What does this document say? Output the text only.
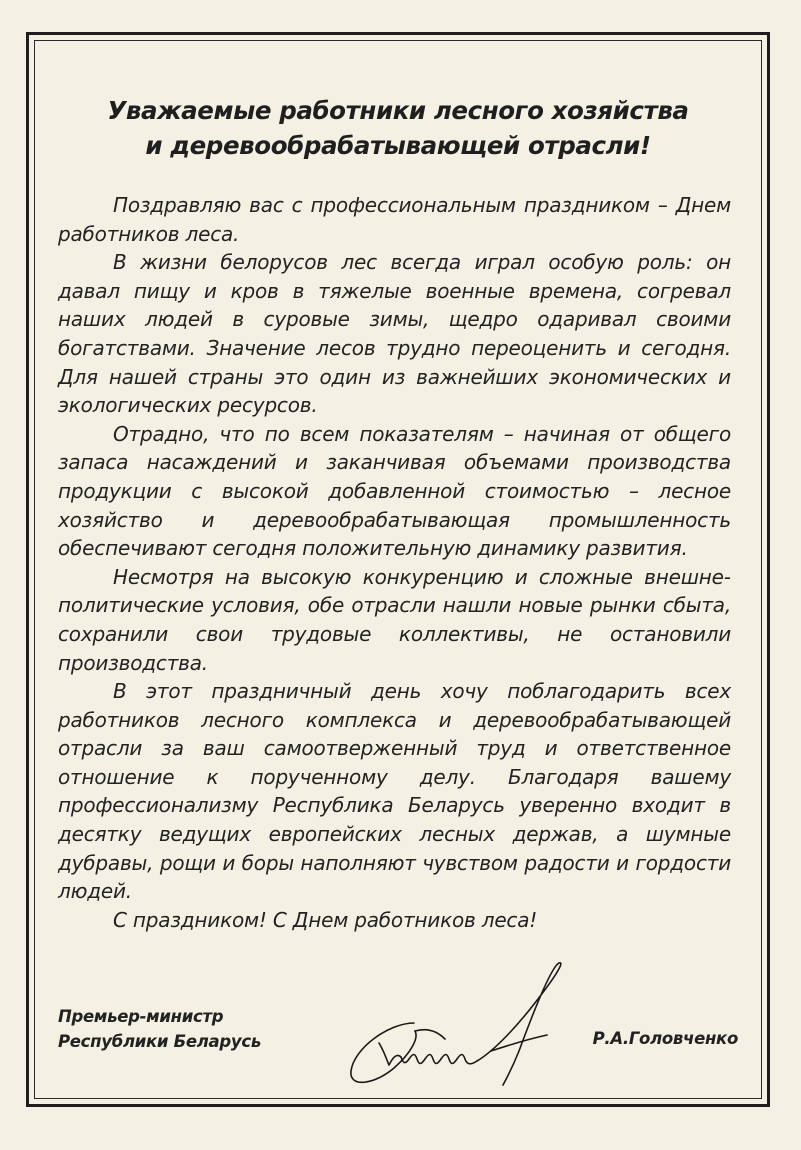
Уважаемые работники лесного хозяйства
и деревообрабатывающей отрасли!

Поздравляю вас с профессиональным праздником – Днем работников леса.

В жизни белорусов лес всегда играл особую роль: он давал пищу и кров в тяжелые военные времена, согревал наших людей в суровые зимы, щедро одаривал своими богатствами. Значение лесов трудно переоценить и сегодня. Для нашей страны это один из важнейших экономических и экологических ресурсов.

Отрадно, что по всем показателям – начиная от общего запаса насаждений и заканчивая объемами производства продукции с высокой добавленной стоимостью – лесное хозяйство и деревообрабатывающая промышленность обеспечивают сегодня положительную динамику развития.

Несмотря на высокую конкуренцию и сложные внешнеполитические условия, обе отрасли нашли новые рынки сбыта, сохранили свои трудовые коллективы, не остановили производства.

В этот праздничный день хочу поблагодарить всех работников лесного комплекса и деревообрабатывающей отрасли за ваш самоотверженный труд и ответственное отношение к порученному делу. Благодаря вашему профессионализму Республика Беларусь уверенно входит в десятку ведущих европейских лесных держав, а шумные дубравы, рощи и боры наполняют чувством радости и гордости людей.

С праздником! С Днем работников леса!

Премьер-министр
Республики Беларусь	Р.А.Головченко
